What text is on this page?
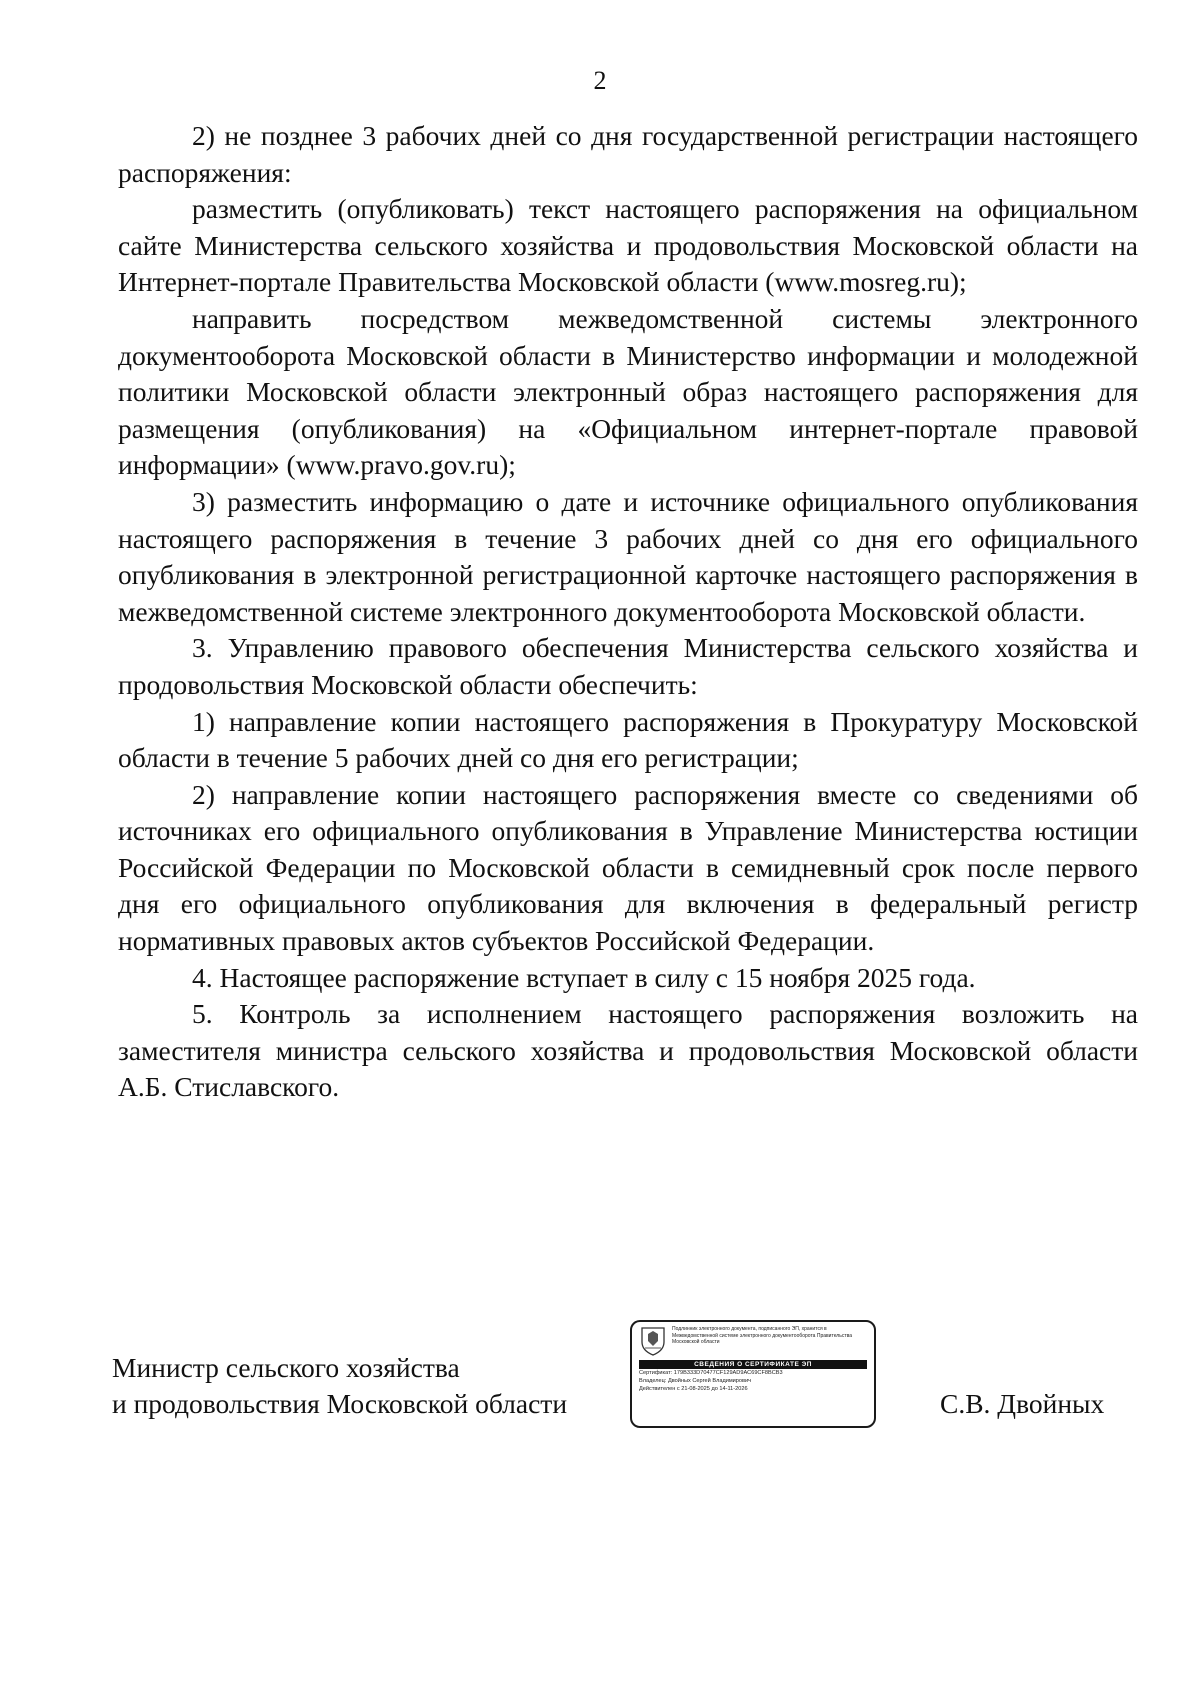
2

2) не позднее 3 рабочих дней со дня государственной регистрации настоящего распоряжения:

разместить (опубликовать) текст настоящего распоряжения на официальном сайте Министерства сельского хозяйства и продовольствия Московской области на Интернет-портале Правительства Московской области (www.mosreg.ru);

направить посредством межведомственной системы электронного документооборота Московской области в Министерство информации и молодежной политики Московской области электронный образ настоящего распоряжения для размещения (опубликования) на «Официальном интернет-портале правовой информации» (www.pravo.gov.ru);

3) разместить информацию о дате и источнике официального опубликования настоящего распоряжения в течение 3 рабочих дней со дня его официального опубликования в электронной регистрационной карточке настоящего распоряжения в межведомственной системе электронного документооборота Московской области.

3. Управлению правового обеспечения Министерства сельского хозяйства и продовольствия Московской области обеспечить:

1) направление копии настоящего распоряжения в Прокуратуру Московской области в течение 5 рабочих дней со дня его регистрации;

2) направление копии настоящего распоряжения вместе со сведениями об источниках его официального опубликования в Управление Министерства юстиции Российской Федерации по Московской области в семидневный срок после первого дня его официального опубликования для включения в федеральный регистр нормативных правовых актов субъектов Российской Федерации.

4. Настоящее распоряжение вступает в силу с 15 ноября 2025 года.

5. Контроль за исполнением настоящего распоряжения возложить на заместителя министра сельского хозяйства и продовольствия Московской области А.Б. Стиславского.

Министр сельского хозяйства
и продовольствия Московской области
Подлинник электронного документа, подписанного ЭП, хранится в Межведомственной системе электронного документооборота Правительства Московской области
СВЕДЕНИЯ О СЕРТИФИКАТЕ ЭП
Сертификат: 179B333D70477CF129AD9AC69CF8BCB3
Владелец: Двойных Сергей Владимирович
Действителен с 21-08-2025 до 14-11-2026	С.В. Двойных
